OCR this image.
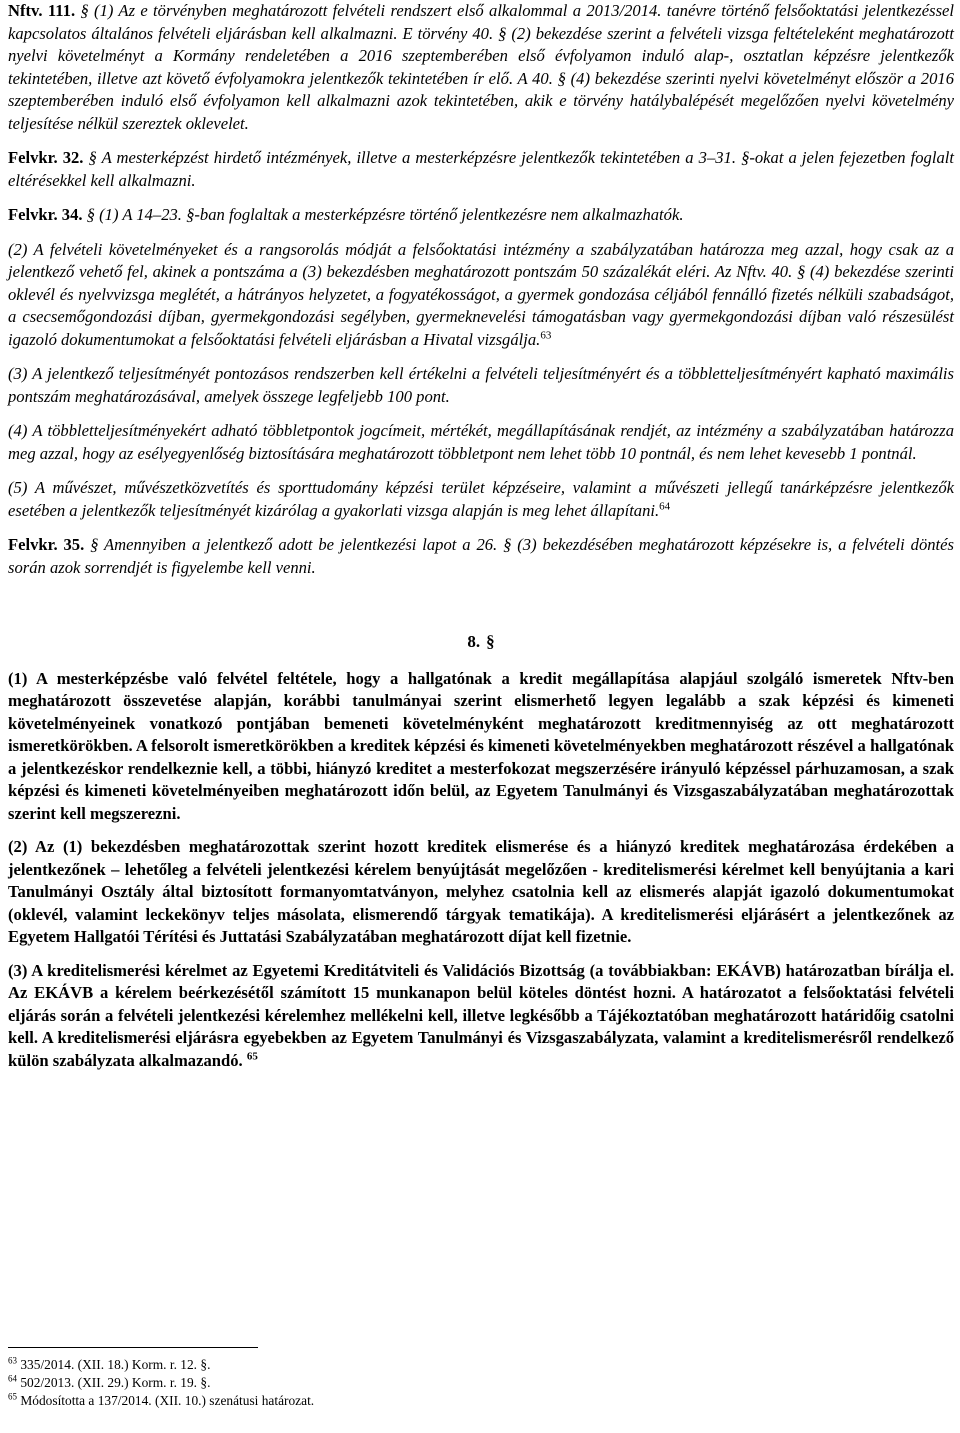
Nftv. 111. § (1) Az e törvényben meghatározott felvételi rendszert első alkalommal a 2013/2014. tanévre történő felsőoktatási jelentkezéssel kapcsolatos általános felvételi eljárásban kell alkalmazni. E törvény 40. § (2) bekezdése szerint a felvételi vizsga feltételeként meghatározott nyelvi követelményt a Kormány rendeletében a 2016 szeptemberében első évfolyamon induló alap-, osztatlan képzésre jelentkezők tekintetében, illetve azt követő évfolyamokra jelentkezők tekintetében ír elő. A 40. § (4) bekezdése szerinti nyelvi követelményt először a 2016 szeptemberében induló első évfolyamon kell alkalmazni azok tekintetében, akik e törvény hatálybalépését megelőzően nyelvi követelmény teljesítése nélkül szereztek oklevelet.

Felvkr. 32. § A mesterképzést hirdető intézmények, illetve a mesterképzésre jelentkezők tekintetében a 3–31. §-okat a jelen fejezetben foglalt eltérésekkel kell alkalmazni.

Felvkr. 34. § (1) A 14–23. §-ban foglaltak a mesterképzésre történő jelentkezésre nem alkalmazhatók.

(2) A felvételi követelményeket és a rangsorolás módját a felsőoktatási intézmény a szabályzatában határozza meg azzal, hogy csak az a jelentkező vehető fel, akinek a pontszáma a (3) bekezdésben meghatározott pontszám 50 százalékát eléri. Az Nftv. 40. § (4) bekezdése szerinti oklevél és nyelvvizsga meglétét, a hátrányos helyzetet, a fogyatékosságot, a gyermek gondozása céljából fennálló fizetés nélküli szabadságot, a csecsemőgondozási díjban, gyermekgondozási segélyben, gyermeknevelési támogatásban vagy gyermekgondozási díjban való részesülést igazoló dokumentumokat a felsőoktatási felvételi eljárásban a Hivatal vizsgálja.$^{63}$

(3) A jelentkező teljesítményét pontozásos rendszerben kell értékelni a felvételi teljesítményért és a többletteljesítményért kapható maximális pontszám meghatározásával, amelyek összege legfeljebb 100 pont.

(4) A többletteljesítményekért adható többletpontok jogcímeit, mértékét, megállapításának rendjét, az intézmény a szabályzatában határozza meg azzal, hogy az esélyegyenlőség biztosítására meghatározott többletpont nem lehet több 10 pontnál, és nem lehet kevesebb 1 pontnál.

(5) A művészet, művészetközvetítés és sporttudomány képzési terület képzéseire, valamint a művészeti jellegű tanárképzésre jelentkezők esetében a jelentkezők teljesítményét kizárólag a gyakorlati vizsga alapján is meg lehet állapítani.$^{64}$

Felvkr. 35. § Amennyiben a jelentkező adott be jelentkezési lapot a 26. § (3) bekezdésében meghatározott képzésekre is, a felvételi döntés során azok sorrendjét is figyelembe kell venni.

8. §

(1) A mesterképzésbe való felvétel feltétele, hogy a hallgatónak a kredit megállapítása alapjául szolgáló ismeretek Nftv-ben meghatározott összevetése alapján, korábbi tanulmányai szerint elismerhető legyen legalább a szak képzési és kimeneti követelményeinek vonatkozó pontjában bemeneti követelményként meghatározott kreditmennyiség az ott meghatározott ismeretkörökben. A felsorolt ismeretkörökben a kreditek képzési és kimeneti követelményekben meghatározott részével a hallgatónak a jelentkezéskor rendelkeznie kell, a többi, hiányzó kreditet a mesterfokozat megszerzésére irányuló képzéssel párhuzamosan, a szak képzési és kimeneti követelményeiben meghatározott időn belül, az Egyetem Tanulmányi és Vizsgaszabályzatában meghatározottak szerint kell megszerezni.

(2) Az (1) bekezdésben meghatározottak szerint hozott kreditek elismerése és a hiányzó kreditek meghatározása érdekében a jelentkezőnek – lehetőleg a felvételi jelentkezési kérelem benyújtását megelőzően - kreditelismerési kérelmet kell benyújtania a kari Tanulmányi Osztály által biztosított formanyomtatványon, melyhez csatolnia kell az elismerés alapját igazoló dokumentumokat (oklevél, valamint leckekönyv teljes másolata, elismerendő tárgyak tematikája). A kreditelismerési eljárásért a jelentkezőnek az Egyetem Hallgatói Térítési és Juttatási Szabályzatában meghatározott díjat kell fizetnie.

(3) A kreditelismerési kérelmet az Egyetemi Kreditátviteli és Validációs Bizottság (a továbbiakban: EKÁVB) határozatban bírálja el. Az EKÁVB a kérelem beérkezésétől számított 15 munkanapon belül köteles döntést hozni. A határozatot a felsőoktatási felvételi eljárás során a felvételi jelentkezési kérelemhez mellékelni kell, illetve legkésőbb a Tájékoztatóban meghatározott határidőig csatolni kell. A kreditelismerési eljárásra egyebekben az Egyetem Tanulmányi és Vizsgaszabályzata, valamint a kreditelismerésről rendelkező külön szabályzata alkalmazandó. $^{65}$

$^{63}$ 335/2014. (XII. 18.) Korm. r. 12. §.

$^{64}$ 502/2013. (XII. 29.) Korm. r. 19. §.

$^{65}$ Módosította a 137/2014. (XII. 10.) szenátusi határozat.
